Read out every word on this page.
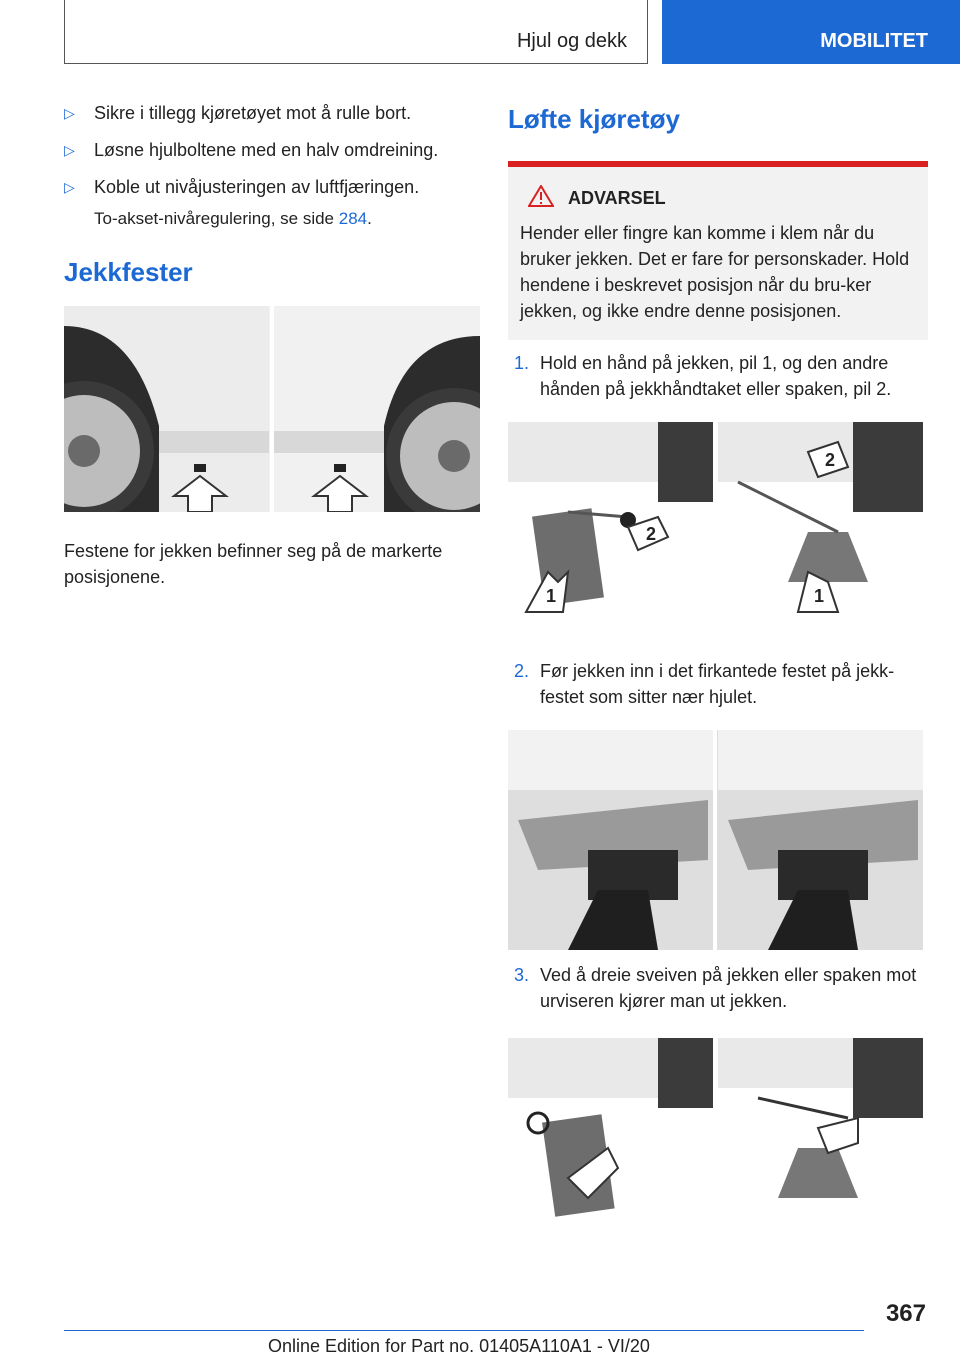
Hjul og dekk	MOBILITET
▷ Sikre i tillegg kjøretøyet mot å rulle bort.
▷ Løsne hjulboltene med en halv omdreining.
▷ Koble ut nivåjusteringen av luftfjæringen.
To-akset-nivåregulering, se side 284.
Jekkfester
Festene for jekken befinner seg på de markerte posisjonene.
Løfte kjøretøy
ADVARSEL
Hender eller fingre kan komme i klem når du bruker jekken. Det er fare for personskader. Hold hendene i beskrevet posisjon når du bru-ker jekken, og ikke endre denne posisjonen.
1. Hold en hånd på jekken, pil 1, og den andre hånden på jekkhåndtaket eller spaken, pil 2.
1
2
2
1
2. Før jekken inn i det firkantede festet på jekk-festet som sitter nær hjulet.
3. Ved å dreie sveiven på jekken eller spaken mot urviseren kjører man ut jekken.
367
Online Edition for Part no. 01405A110A1 - VI/20
